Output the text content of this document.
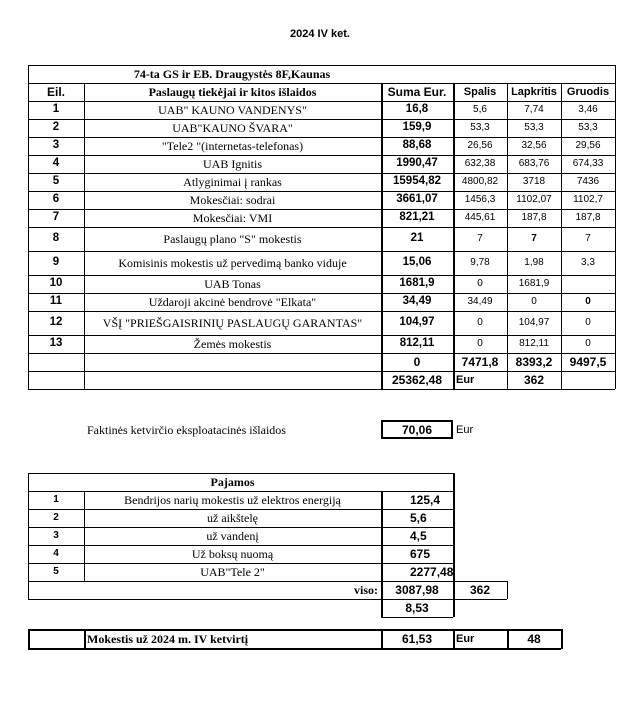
2024 IV ket.
74-ta GS ir EB. Draugystės 8F,Kaunas
Eil.	Paslaugų tiekėjai ir kitos išlaidos	Suma Eur.	Spalis	Lapkritis Gruodis
1	UAB" KAUNO VANDENYS"	16,8	5,6	7,74	3,46
2	UAB"KAUNO ŠVARA"	159,9	53,3	53,3	53,3
3	"Tele2 "(internetas-telefonas)	88,68	26,56	32,56	29,56
4	UAB Ignitis	1990,47	632,38	683,76	674,33
5	Atlyginimai į rankas	15954,82	4800,82	3718	7436
6	Mokesčiai: sodrai	3661,07	1456,3	1102,07	1102,7
7	Mokesčiai: VMI	821,21	445,61	187,8	187,8
8	Paslaugų plano "S" mokestis	21	7	7	7
9	Komisinis mokestis už pervedimą banko viduje	15,06	9,78	1,98	3,3
10	UAB Tonas	1681,9	0	1681,9
11	Uždaroji akcinė bendrovė "Elkata"	34,49	34,49	0	0
12	VŠĮ "PRIEŠGAISRINIŲ PASLAUGŲ GARANTAS"	104,97	0	104,97	0
13	Žemės mokestis	812,11	0	812,11	0
0	7471,8	8393,2	9497,5
25362,48	Eur	362
Faktinės ketvirčio eksploatacinės išlaidos	70,06	Eur
Pajamos
1	Bendrijos narių mokestis už elektros energiją	125,4
2	už aikštelę	5,6
3	už vandenį	4,5
4	Už boksų nuomą	675
5	UAB"Tele 2"	2277,48
viso:	3087,98	362
8,53
Mokestis už 2024 m. IV ketvirtį	61,53	Eur	48
